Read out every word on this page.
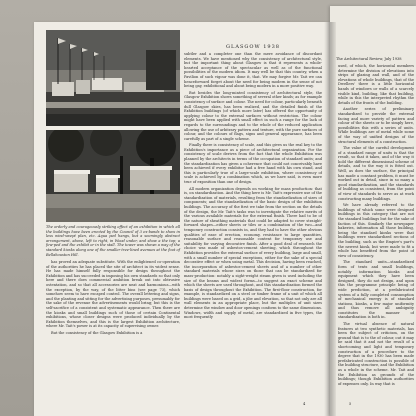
The orderly and courageously striking effect of an exhibition in which all the buildings have been erected by the Council of 3 ex-bands to show in less wind-swept plan, etc. Aqua ped hangs, but a seemingly abstract arrangement, above, left to right, in Wood under, and show a the top; a few-ped and the exhibit or in the stall. The tower was shown a way of the standard kiosks along one of the smaller tree-lined avenues at the foot of Bellahouston Hill.

has proved an adequate substitute. With the enlightened co-operation of the authorities he has placed the site of architect in its widest sense. He has made himself fully responsible for design throughout the Exhibition and has succeeded in imposing his own standards so that only here and there does commercial ambition break out into obtrusive ostentation, and so that all accessories are neat and harmonious—with the exception, by the way, of the litter bins (see page 73), which somehow seem to have escaped control. The overall lettering and signs, and the planting and sitting for the advertising purposes, presumably for the sake of the revenue the advertisements would bring; but this is the self-sacrifice of a consistent and systematic appearance. Then there are the kiosks and small buildings such of those of certain Continental exhibitions, whose closer designs were produced individually by the Exhibition themselves, and this is the largest Exhibition architecture, where Mr. Tait's power is at its capacity of supervising owner.

But the consistency of the Glasgow Exhibition is a

GLASGOW 1938

subtler and a completer one than the mere avoidance of discordant elements. We have mentioned why the consistency of architectural style, but the important thing about Glasgow is that it represents a whole-hearted acceptance of the spectacular as well as of the functional possibilities of the modern idiom. It may well be that this country, when a Pavilion of such vigour was done it, that. We may forgive Mr. Tait we can henceforward forget about the need for being modern in the sense of not being gay, exhibitional and about being modern in a more positive way.

But besides the long-minted consistency of architectural style, the Glasgow Exhibition shows something of several other kinds; as for example consistency of surface and colour. The need for colour, particularly beneath dull Glasgow skies, has been realized, and the detailed finish of the Exhibition buildings (of which more later) has offered the opportunity of applying colour to the external surfaces without restriction. The colour might have been applied with small effect in such a range for the lack of regards to the surroundings and to the whole of the reduced application allowing the use of arbitrary pattern and texture, with the pure surfaces of colour, and the colours of flags, signs and general appearance, has been carefully as part of a single scheme.

Finally there is consistency of scale, and this gives us the real key to the Exhibition's importance as a piece of architectural organization. For the consistency of scale derives from the fact that the whole Exhibition was planned by the architects in terms of the occupation of standard units; and the standardization has given a coherence that could not conceivably have been achieved if every exhibitor had a free hand with his own stand, and this is particularly true of a large-scale exhibition, where consistency of scale is achieved by a combination which, as we have said, is even more true of exposition than one of design.

All modern organization depends on working for mass production: that is, on standardization. And the thing here is Mr. Tait's expressive use of the standardization of materials, resulting from the standardization of sizes of components; and the standardization of the basic design of the exhibition buildings. The accuracy of the first we take from the section on the details of the design, the Mr. Tait's tasks was to investigate the relative merits of the various available materials for the external finish. There had to be of the nature of sheathing materials that could be adapted to cover straight-forward shapes—either sheets or tiles or a combination of the two—and temporary construction consists in, and they had to have the other obvious qualities of ease of erection, economy, resistance to large quantities, reasonable surface and reasonable content for temporary use and suitability for varying decorative finish. After a good deal of research the choice was made of asbestos-cement sheeting, which throughout the Exhibition provides the external surface of every building, large and small, with a small number of special exceptions, either for the sake of a special decorative effect or when using metal. This decision, having been reached, the incorporation of asbestos-cement sheets and of a number of other standard materials whose sizes on those that can be standardized for mass-production: notably a sight-weight steam given is used including the size of the beams and widest forms—to suggest an exact scheme and which the sheets are used throughout, and this standardization formed the basis of design throughout the Exhibition. The first-floor construction, for example, is standardized on a steel or timber frame of a unit of which all buildings were based on a grid, a jibe and elevation, so that not only are all wall elements in an appropriate place, but the multiples of unit sizes determine the window and door openings conform to the same dimensions. Windows, width and supply of metal, are standardized in five types, the most frequently

4
The Architectural Review, July 1938

used, of which, the horizontal members determine the division of elevations into strips of glazing and wall, and of the elevations of whole buildings, that of the Dwellers' there is a little horizontal bands of windows or walls of a scarcely visible kind, building, like that building, while in this the interpreted rhythm the details of the fronts of the building.

Another series of preliminary standardized to provide the external facing and more variety of pattern and colour of the sheets or to be simply here, possibilities this with a series of units. While buildings are of metal while some of the way of unified designs of the structural elements of a construction.

The value of the careful development of a standard range of units is that the result, so that it takes, and of the way it hold the different dimensional scheme of details, and to the way it is fitted out. Well, as does the surface, the principal has made a constant problem, it must be worked out in detail, since in so many a good standardization, and the standards of building as consistent, from the point of view of standards to serve as at work constructing many buildings.

We have already referred to the buildings of which some were designed buildings in this category that are not the standard buildings but for the sake of faction of this. Similarly the newspaper bakeries, information all those building, being the standard kiosks were that buildings were standardized sections of the building, such as the Empire's part's the newest kiosk, but were made to fit a whole has benefited from the point of view of consistency.

The standard units—standardized form of tents and small buildings, notably information kiosks and equipment which they have been designed, they do not design, and upon this the programme principle being of wide prediction, at a prefabricated system of a fully completed consumption of mechanical energy is of standard stations, kiosks, a few major uniformity and thus remove all ambiguity constitutes the manner of standardization is both in.

The virtual absence of natural features at two synthetic materials, has been the subject of criticism, on the ground that is to the of colour, out it may be said that it and not the result of a shortcoming and light and temporary construction of a procedure to the degree that in the 1930 has been made prefabricated construction is possible of the building structure, and the Exhibition as a whole in the scheme. Mr. Tait and the Exhibition as grounds of the buildings; though Exhibition authorities of expenses only. In way that is

5
